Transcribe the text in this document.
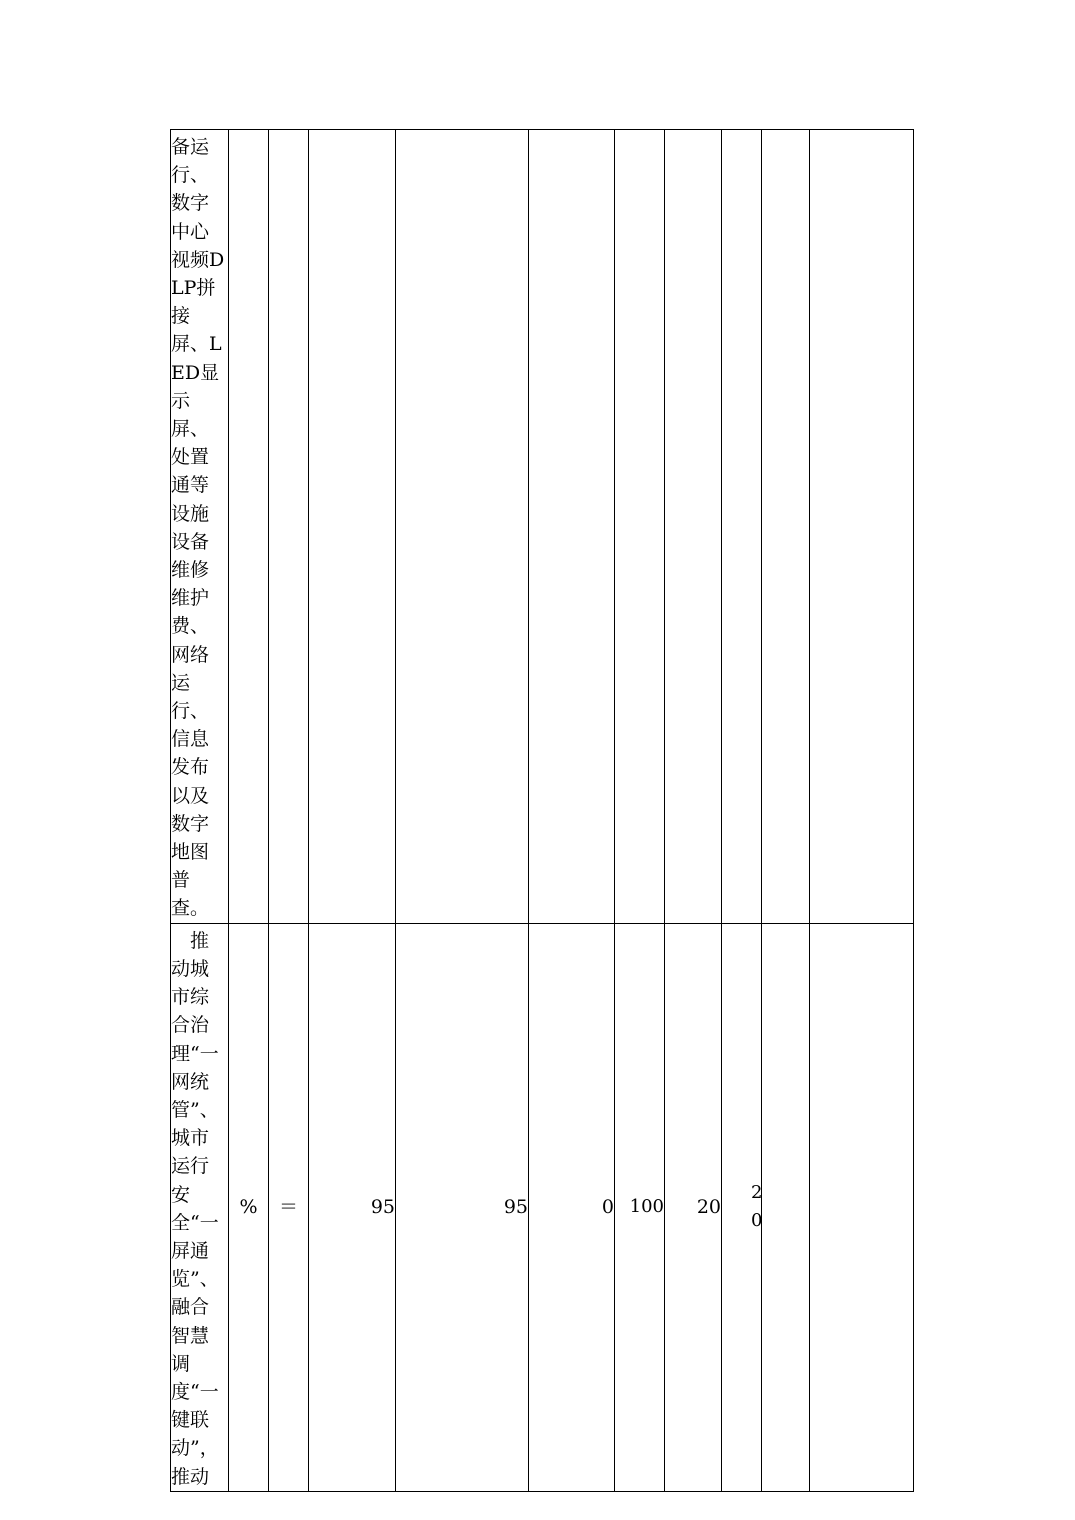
备运行、数字中心视频DLP拼接屏、LED显示屏、处置通等设施设备维修维护费、网络运行、信息发布以及数字地图普查。										

推动城市综合治理“一网统管”、城市运行安全“一屏通览”、融合智慧调度“一键联动”，推动	%	＝	95	95	0	100	20	20		
